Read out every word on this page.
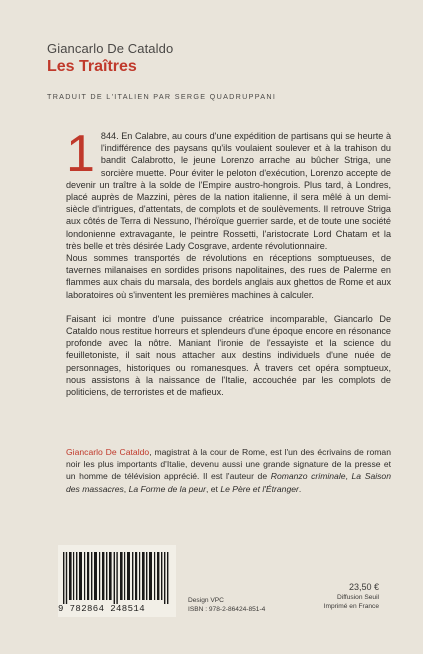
Giancarlo De Cataldo
Les Traîtres
TRADUIT DE L'ITALIEN PAR SERGE QUADRUPPANI

1 844. En Calabre, au cours d'une expédition de partisans qui se heurte à l'indifférence des paysans qu'ils voulaient soulever et à la trahison du bandit Calabrotto, le jeune Lorenzo arrache au bûcher Striga, une sorcière muette. Pour éviter le peloton d'exécution, Lorenzo accepte de devenir un traître à la solde de l'Empire austro-hongrois. Plus tard, à Londres, placé auprès de Mazzini, pères de la nation italienne, il sera mêlé à un demi-siècle d'intrigues, d'attentats, de complots et de soulèvements. Il retrouve Striga aux côtés de Terra di Nessuno, l'héroïque guerrier sarde, et de toute une société londonienne extravagante, le peintre Rossetti, l'aristocrate Lord Chatam et la très belle et très désirée Lady Cosgrave, ardente révolutionnaire.

Nous sommes transportés de révolutions en réceptions somptueuses, de tavernes milanaises en sordides prisons napolitaines, des rues de Palerme en flammes aux chais du marsala, des bordels anglais aux ghettos de Rome et aux laboratoires où s'inventent les premières machines à calculer.

Faisant ici montre d'une puissance créatrice incomparable, Giancarlo De Cataldo nous restitue horreurs et splendeurs d'une époque encore en résonance profonde avec la nôtre. Maniant l'ironie de l'essayiste et la science du feuilletoniste, il sait nous attacher aux destins individuels d'une nuée de personnages, historiques ou romanesques. À travers cet opéra somptueux, nous assistons à la naissance de l'Italie, accouchée par les complots de politiciens, de terroristes et de mafieux.

Giancarlo De Cataldo, magistrat à la cour de Rome, est l'un des écrivains de roman noir les plus importants d'Italie, devenu aussi une grande signature de la presse et un homme de télévision apprécié. Il est l'auteur de Romanzo criminale, La Saison des massacres, La Forme de la peur, et Le Père et l'Étranger.

9 782864 248514
Design VPC
ISBN : 978-2-86424-851-4
23,50 €
Diffusion Seuil
Imprimé en France
